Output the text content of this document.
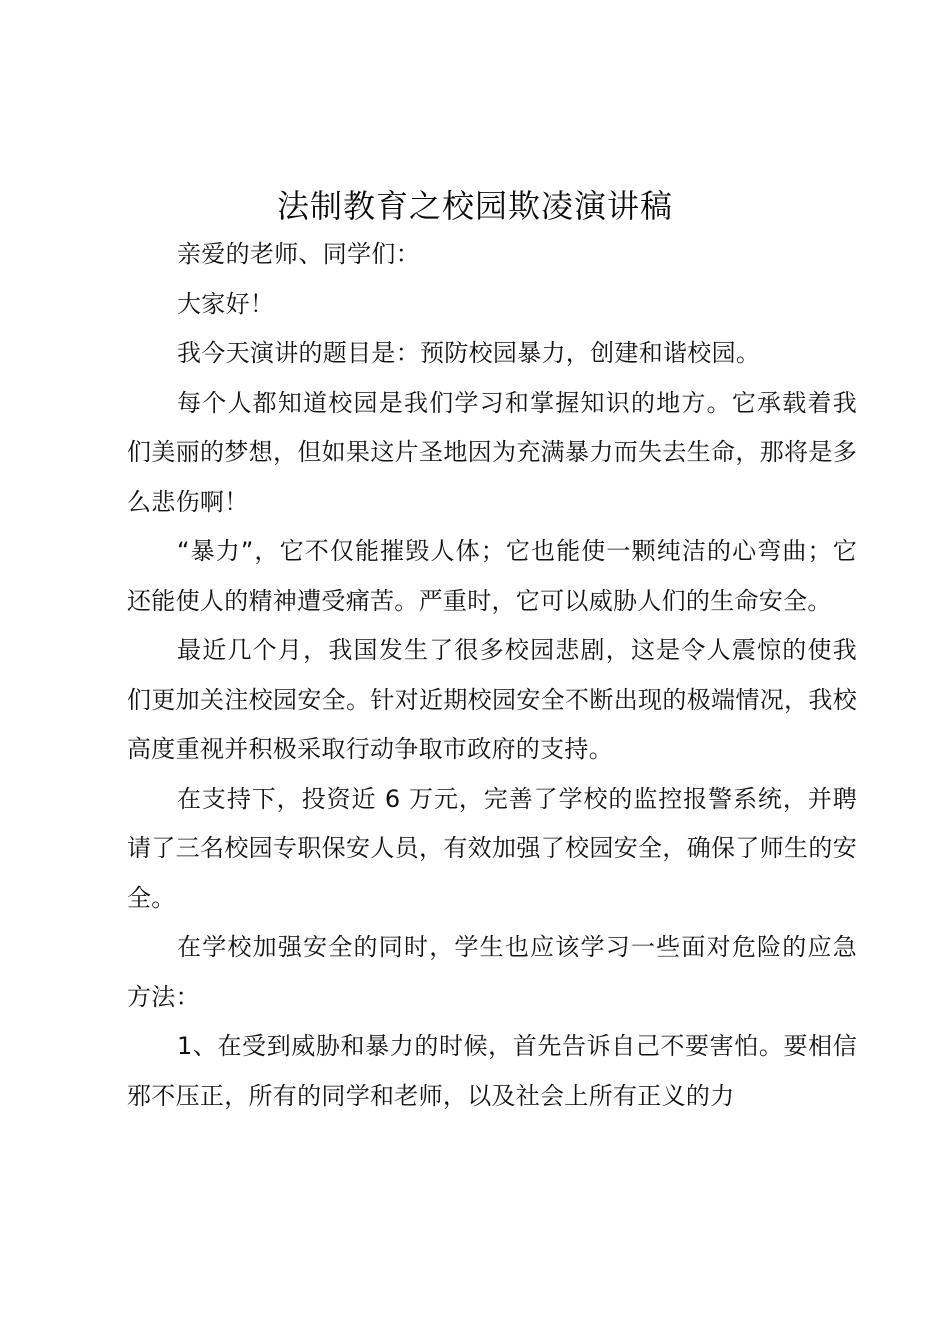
法制教育之校园欺凌演讲稿

亲爱的老师、同学们：

大家好！

我今天演讲的题目是：预防校园暴力，创建和谐校园。

每个人都知道校园是我们学习和掌握知识的地方。它承载着我们美丽的梦想，但如果这片圣地因为充满暴力而失去生命，那将是多么悲伤啊！

“暴力”，它不仅能摧毁人体；它也能使一颗纯洁的心弯曲；它还能使人的精神遭受痛苦。严重时，它可以威胁人们的生命安全。

最近几个月，我国发生了很多校园悲剧，这是令人震惊的使我们更加关注校园安全。针对近期校园安全不断出现的极端情况，我校高度重视并积极采取行动争取市政府的支持。

在支持下，投资近 6 万元，完善了学校的监控报警系统，并聘请了三名校园专职保安人员，有效加强了校园安全，确保了师生的安全。

在学校加强安全的同时，学生也应该学习一些面对危险的应急方法：

1、在受到威胁和暴力的时候，首先告诉自己不要害怕。要相信邪不压正，所有的同学和老师，以及社会上所有正义的力
